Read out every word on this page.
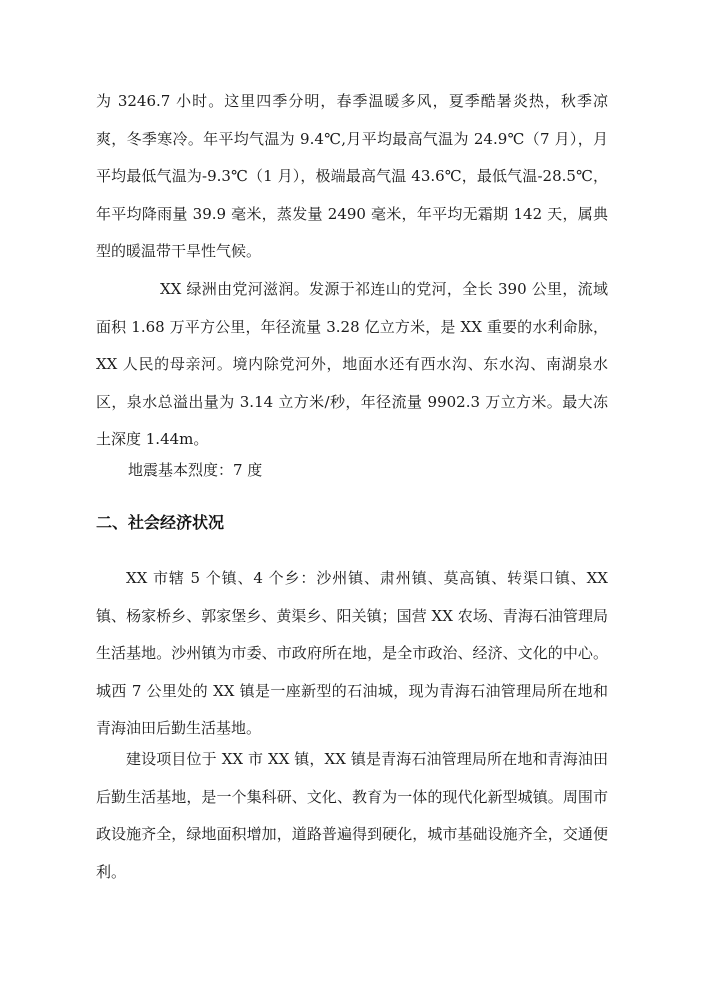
为 3246.7 小时。这里四季分明，春季温暖多风，夏季酷暑炎热，秋季凉爽，冬季寒冷。年平均气温为 9.4℃,月平均最高气温为 24.9℃（7 月），月平均最低气温为-9.3℃（1 月），极端最高气温 43.6℃，最低气温-28.5℃，年平均降雨量 39.9 毫米，蒸发量 2490 毫米，年平均无霜期 142 天，属典型的暖温带干旱性气候。

XX 绿洲由党河滋润。发源于祁连山的党河，全长 390 公里，流域面积 1.68 万平方公里，年径流量 3.28 亿立方米，是 XX 重要的水利命脉，XX 人民的母亲河。境内除党河外，地面水还有西水沟、东水沟、南湖泉水区，泉水总溢出量为 3.14 立方米/秒，年径流量 9902.3 万立方米。最大冻土深度 1.44m。

地震基本烈度：7 度

二、社会经济状况

XX 市辖 5 个镇、4 个乡：沙州镇、肃州镇、莫高镇、转渠口镇、XX 镇、杨家桥乡、郭家堡乡、黄渠乡、阳关镇；国营 XX 农场、青海石油管理局生活基地。沙州镇为市委、市政府所在地，是全市政治、经济、文化的中心。城西 7 公里处的 XX 镇是一座新型的石油城，现为青海石油管理局所在地和青海油田后勤生活基地。

建设项目位于 XX 市 XX 镇，XX 镇是青海石油管理局所在地和青海油田后勤生活基地，是一个集科研、文化、教育为一体的现代化新型城镇。周围市政设施齐全，绿地面积增加，道路普遍得到硬化，城市基础设施齐全，交通便利。
